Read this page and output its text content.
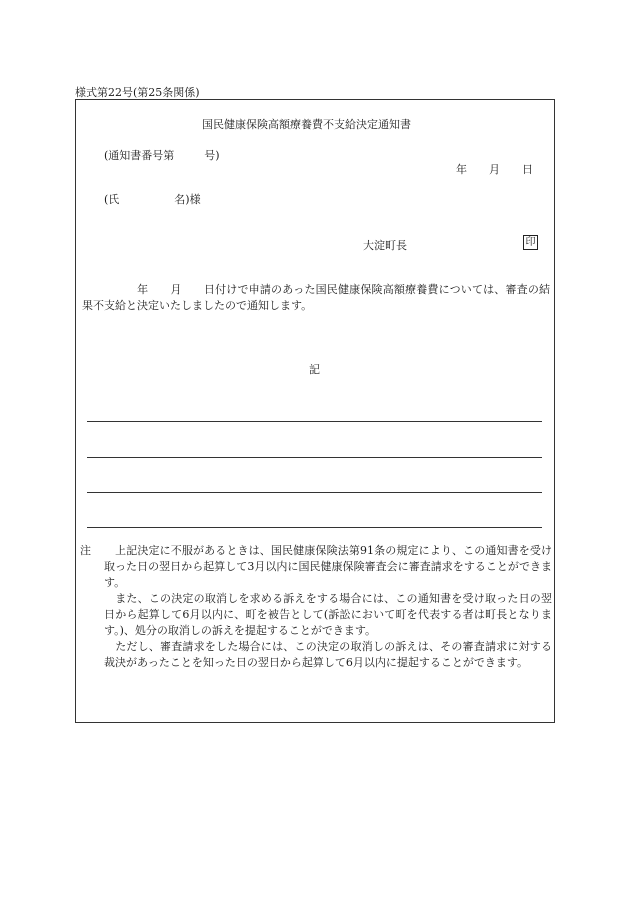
様式第22号(第25条関係)
国民健康保険高額療養費不支給決定通知書
(通知書番号第	号)
年 月 日
(氏	名)様
大淀町長	印
年 月 日付けで申請のあった国民健康保険高額療養費については、審査の結果不支給と決定いたしましたので通知します。
記
注	上記決定に不服があるときは、国民健康保険法第91条の規定により、この通知書を受け取った日の翌日から起算して3月以内に国民健康保険審査会に審査請求をすることができます。
また、この決定の取消しを求める訴えをする場合には、この通知書を受け取った日の翌日から起算して6月以内に、町を被告として(訴訟において町を代表する者は町長となります。)、処分の取消しの訴えを提起することができます。
ただし、審査請求をした場合には、この決定の取消しの訴えは、その審査請求に対する裁決があったことを知った日の翌日から起算して6月以内に提起することができます。
